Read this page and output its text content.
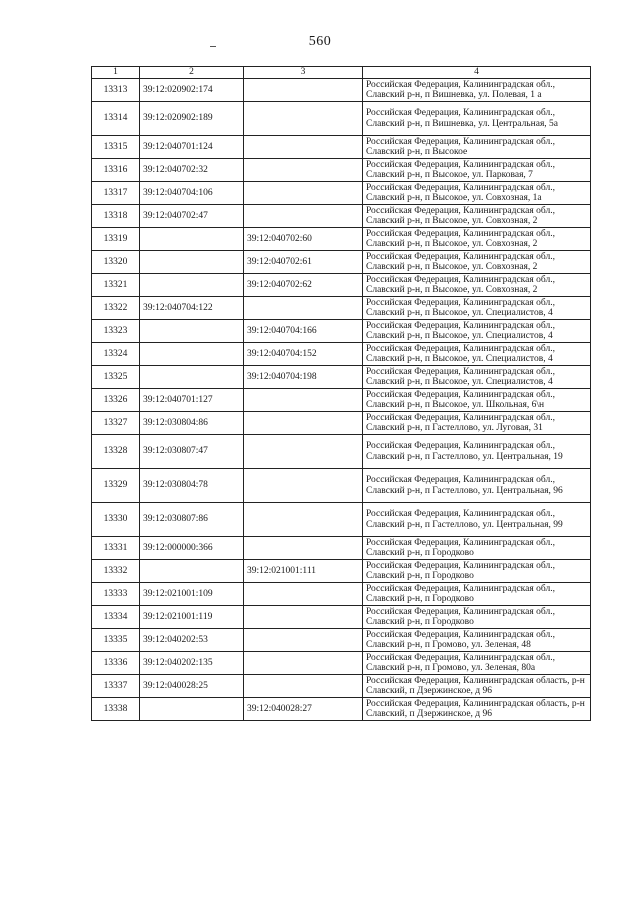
560
1	2	3	4
13313	39:12:020902:174		Российская Федерация, Калининградская обл., Славский р-н, п Вишневка, ул. Полевая, 1 а
13314	39:12:020902:189		Российская Федерация, Калининградская обл., Славский р-н, п Вишневка, ул. Центральная, 5а
13315	39:12:040701:124		Российская Федерация, Калининградская обл., Славский р-н, п Высокое
13316	39:12:040702:32		Российская Федерация, Калининградская обл., Славский р-н, п Высокое, ул. Парковая, 7
13317	39:12:040704:106		Российская Федерация, Калининградская обл., Славский р-н, п Высокое, ул. Совхозная, 1а
13318	39:12:040702:47		Российская Федерация, Калининградская обл., Славский р-н, п Высокое, ул. Совхозная, 2
13319		39:12:040702:60	Российская Федерация, Калининградская обл., Славский р-н, п Высокое, ул. Совхозная, 2
13320		39:12:040702:61	Российская Федерация, Калининградская обл., Славский р-н, п Высокое, ул. Совхозная, 2
13321		39:12:040702:62	Российская Федерация, Калининградская обл., Славский р-н, п Высокое, ул. Совхозная, 2
13322	39:12:040704:122		Российская Федерация, Калининградская обл., Славский р-н, п Высокое, ул. Специалистов, 4
13323		39:12:040704:166	Российская Федерация, Калининградская обл., Славский р-н, п Высокое, ул. Специалистов, 4
13324		39:12:040704:152	Российская Федерация, Калининградская обл., Славский р-н, п Высокое, ул. Специалистов, 4
13325		39:12:040704:198	Российская Федерация, Калининградская обл., Славский р-н, п Высокое, ул. Специалистов, 4
13326	39:12:040701:127		Российская Федерация, Калининградская обл., Славский р-н, п Высокое, ул. Школьная, 6\н
13327	39:12:030804:86		Российская Федерация, Калининградская обл., Славский р-н, п Гастеллово, ул. Луговая, 31
13328	39:12:030807:47		Российская Федерация, Калининградская обл., Славский р-н, п Гастеллово, ул. Центральная, 19
13329	39:12:030804:78		Российская Федерация, Калининградская обл., Славский р-н, п Гастеллово, ул. Центральная, 96
13330	39:12:030807:86		Российская Федерация, Калининградская обл., Славский р-н, п Гастеллово, ул. Центральная, 99
13331	39:12:000000:366		Российская Федерация, Калининградская обл., Славский р-н, п Городково
13332		39:12:021001:111	Российская Федерация, Калининградская обл., Славский р-н, п Городково
13333	39:12:021001:109		Российская Федерация, Калининградская обл., Славский р-н, п Городково
13334	39:12:021001:119		Российская Федерация, Калининградская обл., Славский р-н, п Городково
13335	39:12:040202:53		Российская Федерация, Калининградская обл., Славский р-н, п Громово, ул. Зеленая, 48
13336	39:12:040202:135		Российская Федерация, Калининградская обл., Славский р-н, п Громово, ул. Зеленая, 80а
13337	39:12:040028:25		Российская Федерация, Калининградская область, р-н Славский, п Дзержинское, д 96
13338		39:12:040028:27	Российская Федерация, Калининградская область, р-н Славский, п Дзержинское, д 96
